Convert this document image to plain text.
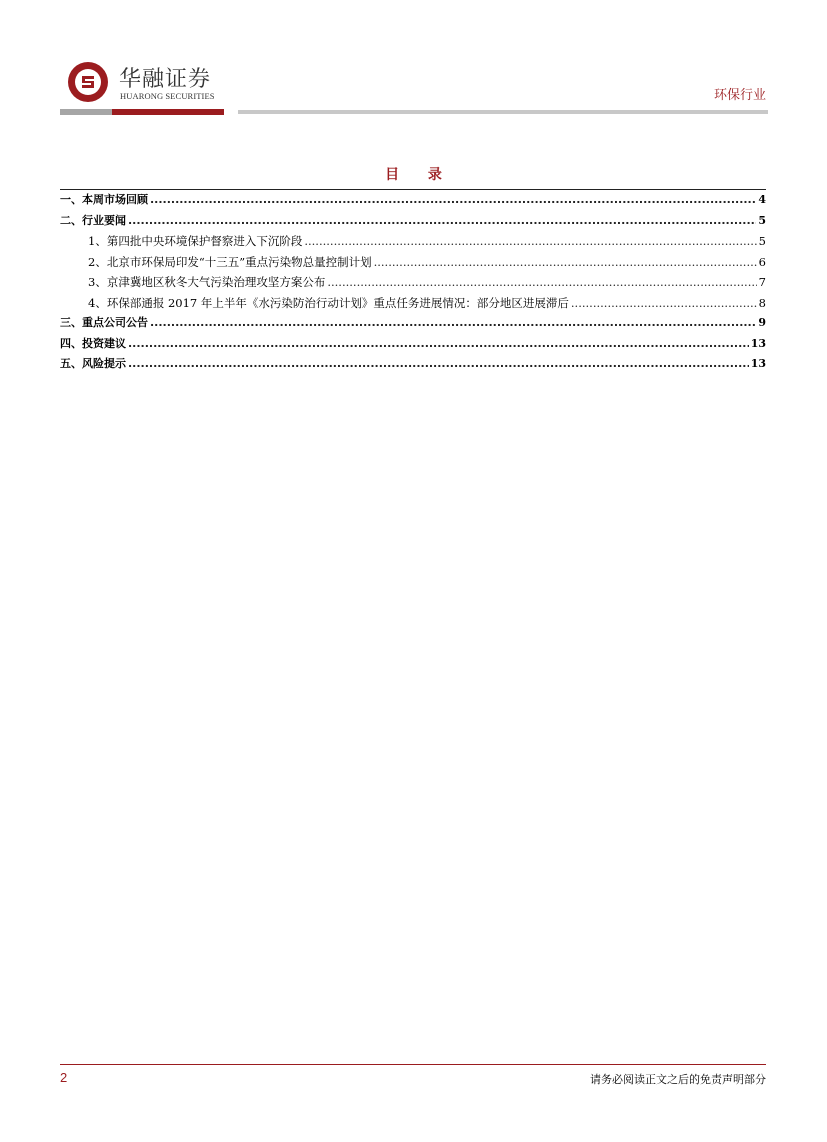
华融证券
HUARONG SECURITIES	环保行业
目 录
一、本周市场回顾 .....	4
二、行业要闻 .....	5
1、第四批中央环境保护督察进入下沉阶段 .....	5
2、北京市环保局印发“十三五”重点污染物总量控制计划 .....	6
3、京津冀地区秋冬大气污染治理攻坚方案公布 .....	7
4、环保部通报 2017 年上半年《水污染防治行动计划》重点任务进展情况：部分地区进展滞后 .....	8
三、重点公司公告 .....	9
四、投资建议 .....	13
五、风险提示 .....	13
2	请务必阅读正文之后的免责声明部分
